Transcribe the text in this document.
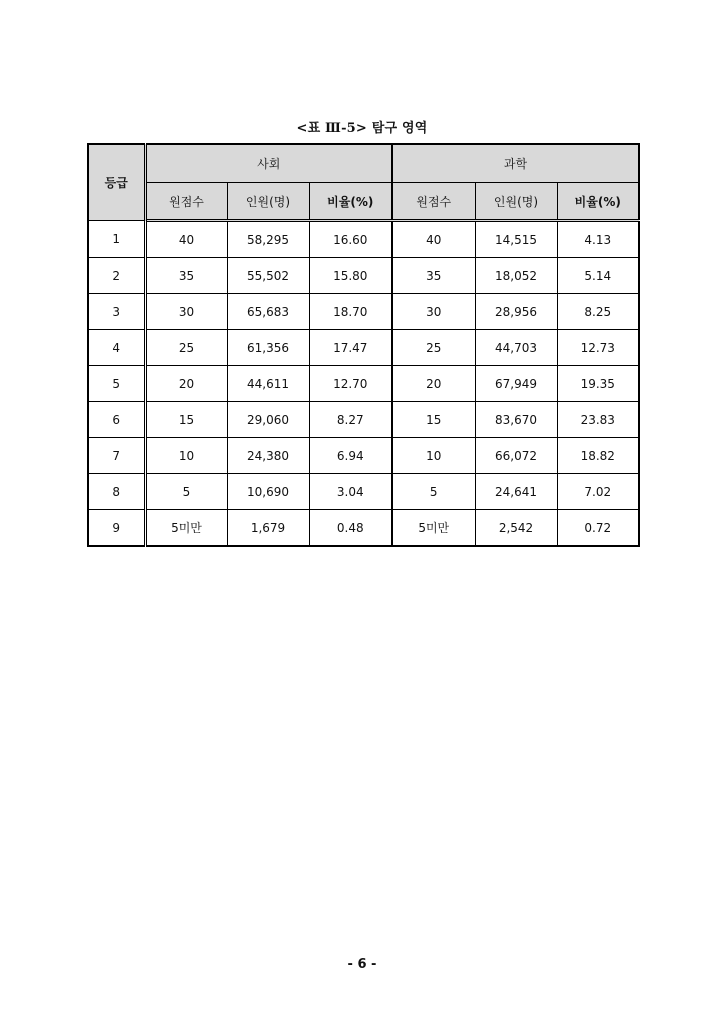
<표 Ⅲ-5> 탐구 영역
등급	사회			과학		
	원점수	인원(명)	비율(%)	원점수	인원(명)	비율(%)
1	40	58,295	16.60	40	14,515	4.13
2	35	55,502	15.80	35	18,052	5.14
3	30	65,683	18.70	30	28,956	8.25
4	25	61,356	17.47	25	44,703	12.73
5	20	44,611	12.70	20	67,949	19.35
6	15	29,060	8.27	15	83,670	23.83
7	10	24,380	6.94	10	66,072	18.82
8	5	10,690	3.04	5	24,641	7.02
9	5미만	1,679	0.48	5미만	2,542	0.72
- 6 -
